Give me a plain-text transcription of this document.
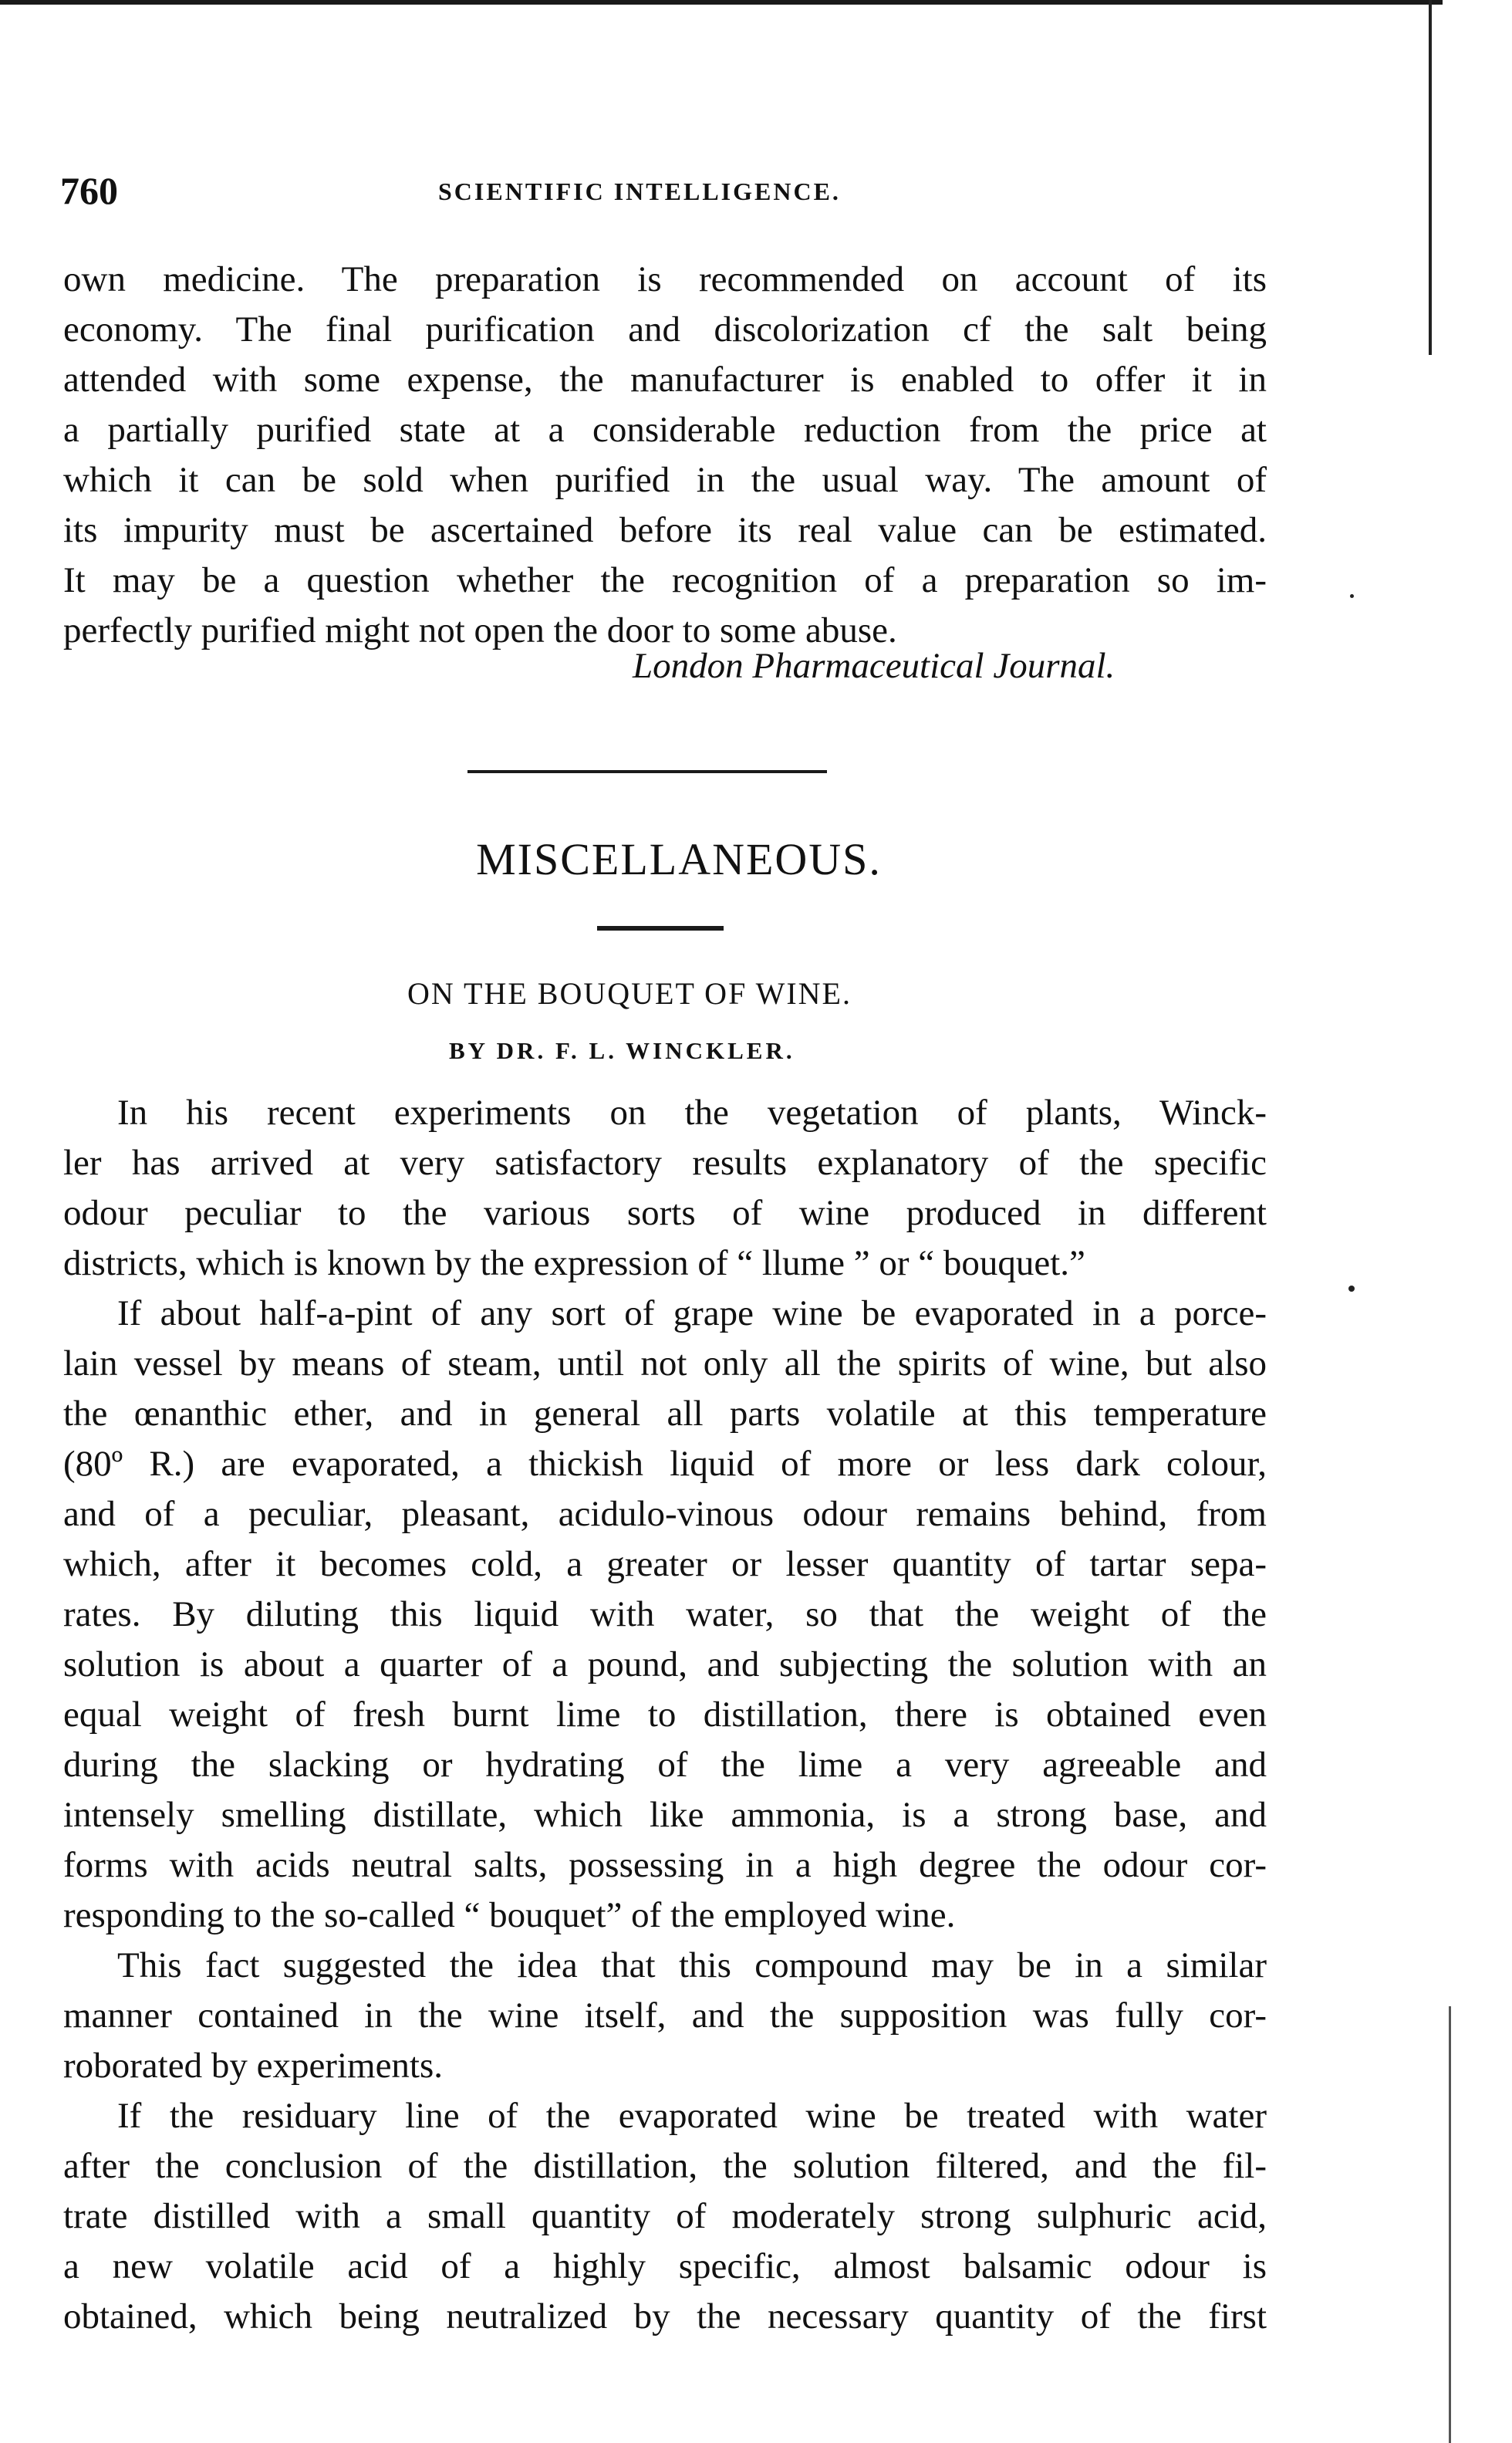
760	SCIENTIFIC INTELLIGENCE.
own medicine. The preparation is recommended on account of its
economy. The final purification and discolorization cf the salt being
attended with some expense, the manufacturer is enabled to offer it in
a partially purified state at a considerable reduction from the price at
which it can be sold when purified in the usual way. The amount of
its impurity must be ascertained before its real value can be estimated.
It may be a question whether the recognition of a preparation so im-
perfectly purified might not open the door to some abuse.
London Pharmaceutical Journal.
MISCELLANEOUS.
ON THE BOUQUET OF WINE.
BY DR. F. L. WINCKLER.
In his recent experiments on the vegetation of plants, Winck-
ler has arrived at very satisfactory results explanatory of the specific
odour peculiar to the various sorts of wine produced in different
districts, which is known by the expression of “ llume ” or “ bouquet.”
If about half-a-pint of any sort of grape wine be evaporated in a porce-
lain vessel by means of steam, until not only all the spirits of wine, but also
the œnanthic ether, and in general all parts volatile at this temperature
(80º R.) are evaporated, a thickish liquid of more or less dark colour,
and of a peculiar, pleasant, acidulo-vinous odour remains behind, from
which, after it becomes cold, a greater or lesser quantity of tartar sepa-
rates. By diluting this liquid with water, so that the weight of the
solution is about a quarter of a pound, and subjecting the solution with an
equal weight of fresh burnt lime to distillation, there is obtained even
during the slacking or hydrating of the lime a very agreeable and
intensely smelling distillate, which like ammonia, is a strong base, and
forms with acids neutral salts, possessing in a high degree the odour cor-
responding to the so-called “ bouquet” of the employed wine.
This fact suggested the idea that this compound may be in a similar
manner contained in the wine itself, and the supposition was fully cor-
roborated by experiments.
If the residuary line of the evaporated wine be treated with water
after the conclusion of the distillation, the solution filtered, and the fil-
trate distilled with a small quantity of moderately strong sulphuric acid,
a new volatile acid of a highly specific, almost balsamic odour is
obtained, which being neutralized by the necessary quantity of the first
